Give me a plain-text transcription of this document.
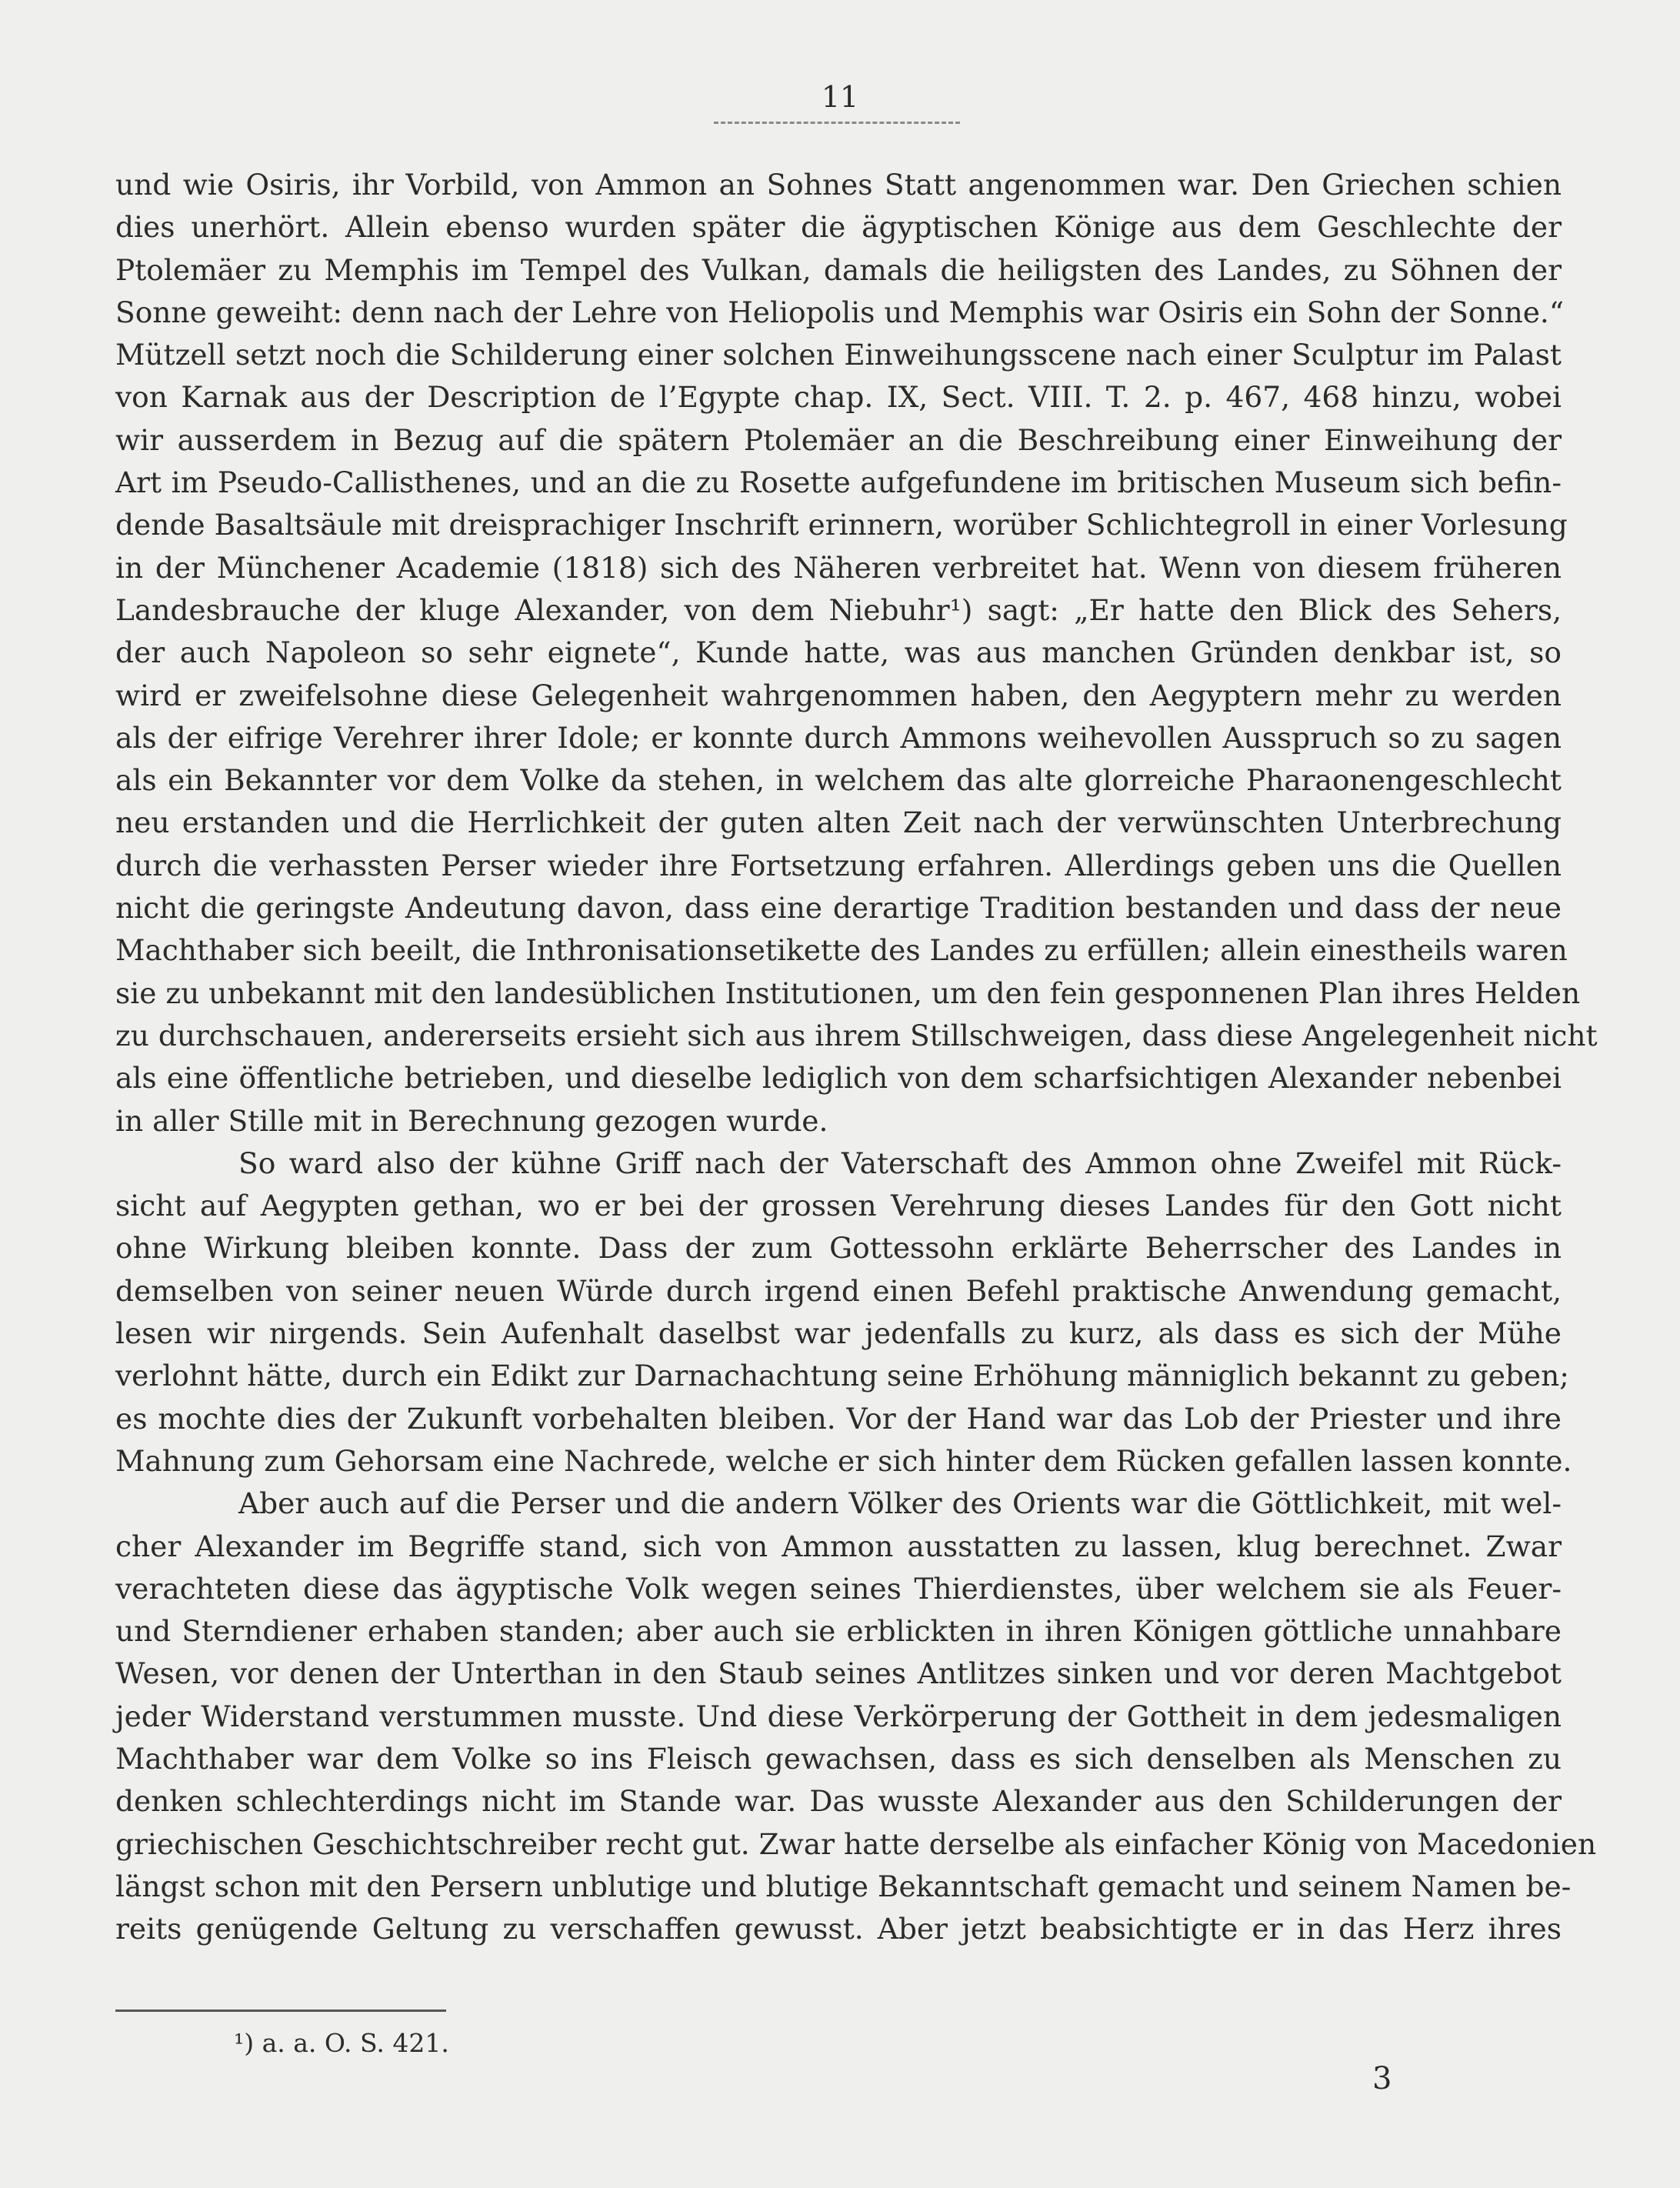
11
und wie Osiris, ihr Vorbild, von Ammon an Sohnes Statt angenommen war. Den Griechen schien
dies unerhört. Allein ebenso wurden später die ägyptischen Könige aus dem Geschlechte der
Ptolemäer zu Memphis im Tempel des Vulkan, damals die heiligsten des Landes, zu Söhnen der
Sonne geweiht: denn nach der Lehre von Heliopolis und Memphis war Osiris ein Sohn der Sonne.“
Mützell setzt noch die Schilderung einer solchen Einweihungsscene nach einer Sculptur im Palast
von Karnak aus der Description de l’Egypte chap. IX, Sect. VIII. T. 2. p. 467, 468 hinzu, wobei
wir ausserdem in Bezug auf die spätern Ptolemäer an die Beschreibung einer Einweihung der
Art im Pseudo-Callisthenes, und an die zu Rosette aufgefundene im britischen Museum sich befin-
dende Basaltsäule mit dreisprachiger Inschrift erinnern, worüber Schlichtegroll in einer Vorlesung
in der Münchener Academie (1818) sich des Näheren verbreitet hat. Wenn von diesem früheren
Landesbrauche der kluge Alexander, von dem Niebuhr¹) sagt: „Er hatte den Blick des Sehers,
der auch Napoleon so sehr eignete“, Kunde hatte, was aus manchen Gründen denkbar ist, so
wird er zweifelsohne diese Gelegenheit wahrgenommen haben, den Aegyptern mehr zu werden
als der eifrige Verehrer ihrer Idole; er konnte durch Ammons weihevollen Ausspruch so zu sagen
als ein Bekannter vor dem Volke da stehen, in welchem das alte glorreiche Pharaonengeschlecht
neu erstanden und die Herrlichkeit der guten alten Zeit nach der verwünschten Unterbrechung
durch die verhassten Perser wieder ihre Fortsetzung erfahren. Allerdings geben uns die Quellen
nicht die geringste Andeutung davon, dass eine derartige Tradition bestanden und dass der neue
Machthaber sich beeilt, die Inthronisationsetikette des Landes zu erfüllen; allein einestheils waren
sie zu unbekannt mit den landesüblichen Institutionen, um den fein gesponnenen Plan ihres Helden
zu durchschauen, andererseits ersieht sich aus ihrem Stillschweigen, dass diese Angelegenheit nicht
als eine öffentliche betrieben, und dieselbe lediglich von dem scharfsichtigen Alexander nebenbei
in aller Stille mit in Berechnung gezogen wurde.
So ward also der kühne Griff nach der Vaterschaft des Ammon ohne Zweifel mit Rück-
sicht auf Aegypten gethan, wo er bei der grossen Verehrung dieses Landes für den Gott nicht
ohne Wirkung bleiben konnte. Dass der zum Gottessohn erklärte Beherrscher des Landes in
demselben von seiner neuen Würde durch irgend einen Befehl praktische Anwendung gemacht,
lesen wir nirgends. Sein Aufenhalt daselbst war jedenfalls zu kurz, als dass es sich der Mühe
verlohnt hätte, durch ein Edikt zur Darnachachtung seine Erhöhung männiglich bekannt zu geben;
es mochte dies der Zukunft vorbehalten bleiben. Vor der Hand war das Lob der Priester und ihre
Mahnung zum Gehorsam eine Nachrede, welche er sich hinter dem Rücken gefallen lassen konnte.
Aber auch auf die Perser und die andern Völker des Orients war die Göttlichkeit, mit wel-
cher Alexander im Begriffe stand, sich von Ammon ausstatten zu lassen, klug berechnet. Zwar
verachteten diese das ägyptische Volk wegen seines Thierdienstes, über welchem sie als Feuer-
und Sterndiener erhaben standen; aber auch sie erblickten in ihren Königen göttliche unnahbare
Wesen, vor denen der Unterthan in den Staub seines Antlitzes sinken und vor deren Machtgebot
jeder Widerstand verstummen musste. Und diese Verkörperung der Gottheit in dem jedesmaligen
Machthaber war dem Volke so ins Fleisch gewachsen, dass es sich denselben als Menschen zu
denken schlechterdings nicht im Stande war. Das wusste Alexander aus den Schilderungen der
griechischen Geschichtschreiber recht gut. Zwar hatte derselbe als einfacher König von Macedonien
längst schon mit den Persern unblutige und blutige Bekanntschaft gemacht und seinem Namen be-
reits genügende Geltung zu verschaffen gewusst. Aber jetzt beabsichtigte er in das Herz ihres
¹) a. a. O. S. 421.
3
